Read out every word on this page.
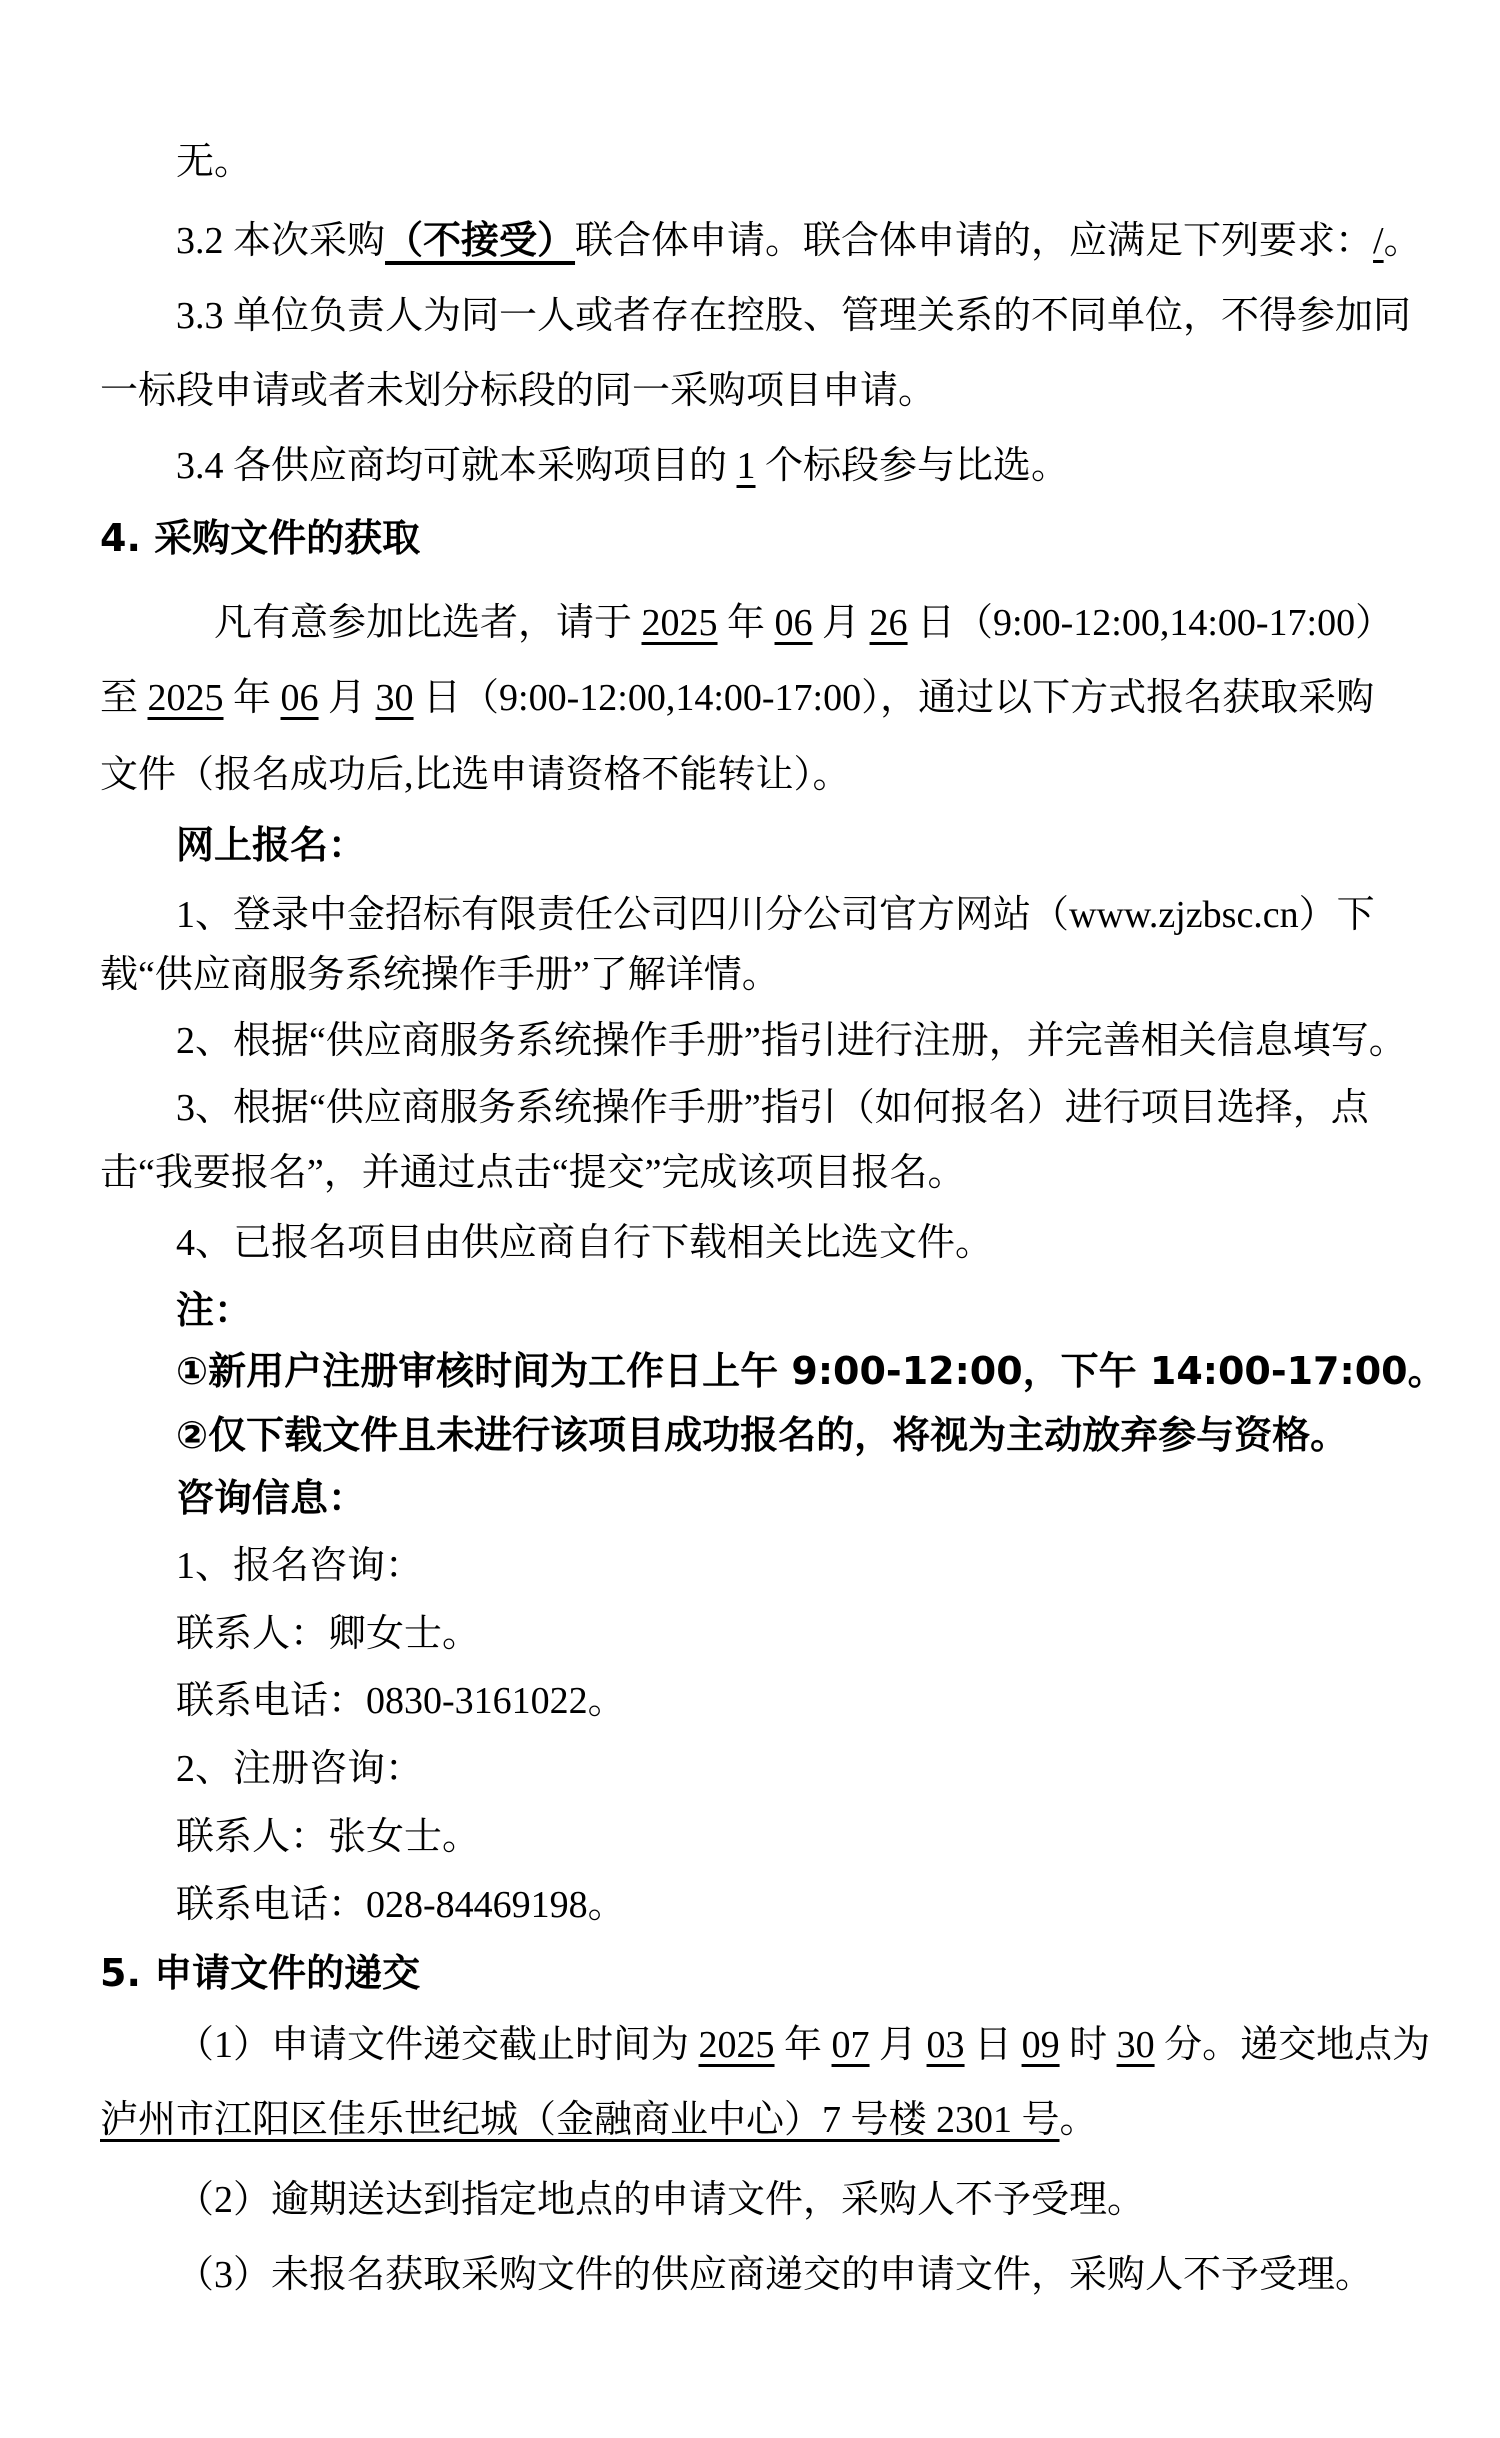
无。
3.2 本次采购（不接受）联合体申请。联合体申请的，应满足下列要求：/。
3.3 单位负责人为同一人或者存在控股、管理关系的不同单位，不得参加同
一标段申请或者未划分标段的同一采购项目申请。
3.4 各供应商均可就本采购项目的 1 个标段参与比选。
4. 采购文件的获取
凡有意参加比选者，请于 2025 年 06 月 26 日（9:00-12:00,14:00-17:00）
至 2025 年 06 月 30 日（9:00-12:00,14:00-17:00），通过以下方式报名获取采购
文件（报名成功后,比选申请资格不能转让）。
网上报名：
1、登录中金招标有限责任公司四川分公司官方网站（www.zjzbsc.cn）下
载“供应商服务系统操作手册”了解详情。
2、根据“供应商服务系统操作手册”指引进行注册，并完善相关信息填写。
3、根据“供应商服务系统操作手册”指引（如何报名）进行项目选择，点
击“我要报名”，并通过点击“提交”完成该项目报名。
4、已报名项目由供应商自行下载相关比选文件。
注：
①新用户注册审核时间为工作日上午 9:00-12:00，下午 14:00-17:00。
②仅下载文件且未进行该项目成功报名的，将视为主动放弃参与资格。
咨询信息：
1、报名咨询：
联系人：卿女士。
联系电话：0830-3161022。
2、注册咨询：
联系人：张女士。
联系电话：028-84469198。
5. 申请文件的递交
（1）申请文件递交截止时间为 2025 年 07 月 03 日 09 时 30 分。递交地点为
泸州市江阳区佳乐世纪城（金融商业中心）7 号楼 2301 号。
（2）逾期送达到指定地点的申请文件，采购人不予受理。
（3）未报名获取采购文件的供应商递交的申请文件，采购人不予受理。
